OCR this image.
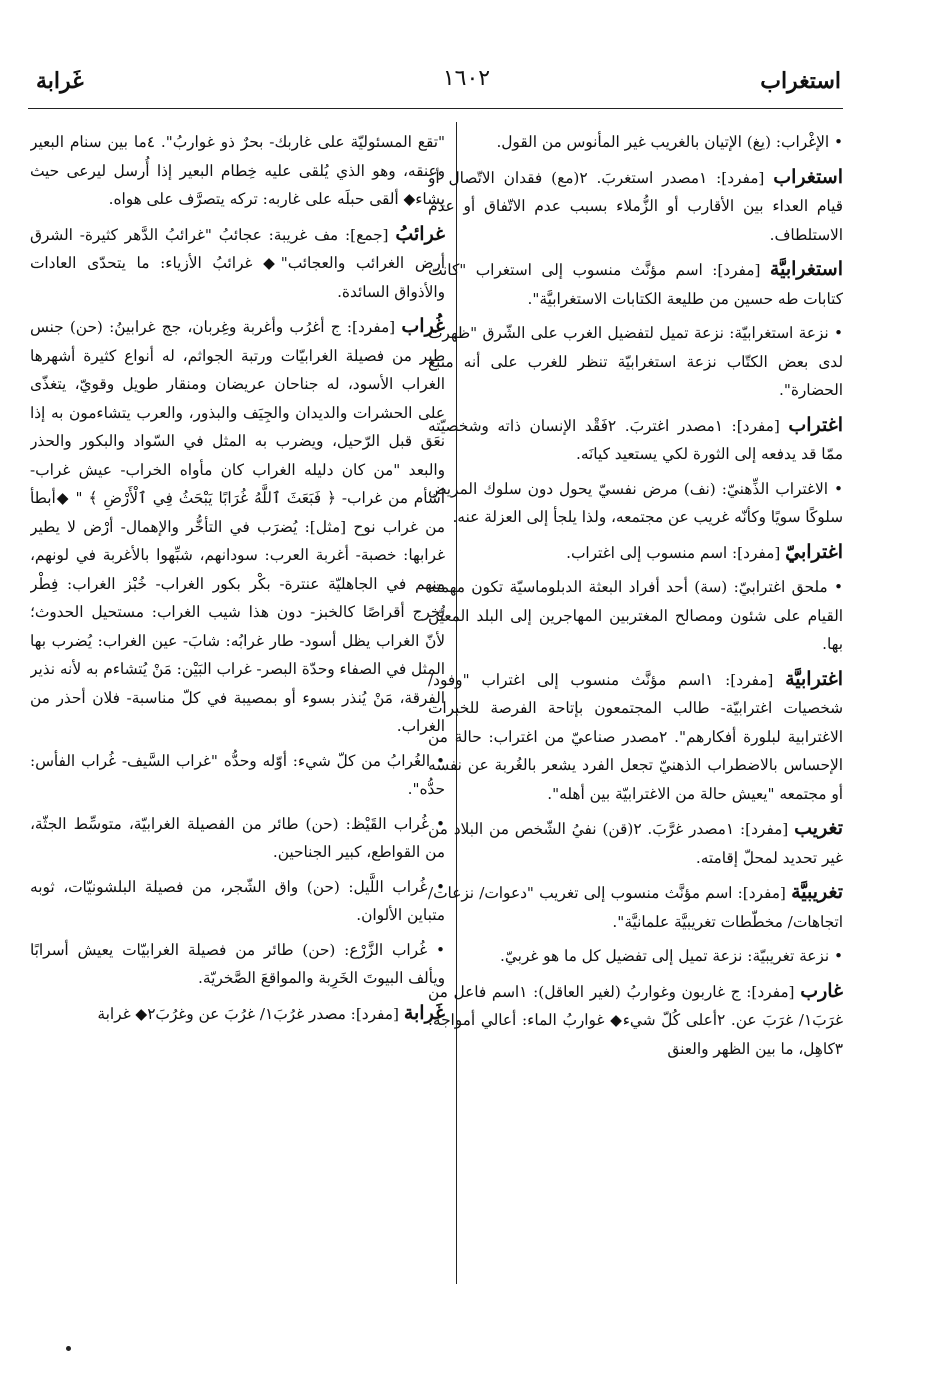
استغراب
١٦٠٢
غَرابة
• الإغْراب: (يغ) الإتيان بالغريب غير المأنوس من القول.
استغراب [مفرد]: ١مصدر استغربَ. ٢(مع) فقدان الاتّصال أو قيام العداء بين الأقارب أو الزُّملاء بسبب عدم الاتّفاق أو عدم الاستلطاف.
استغرابيَّة [مفرد]: اسم مؤنَّث منسوب إلى استغراب "كانت كتابات طه حسين من طليعة الكتابات الاستغرابيَّة".
• نزعة استغرابيّة: نزعة تميل لتفضيل الغرب على الشّرق "ظهرت لدى بعض الكتّاب نزعة استغرابيّة تنظر للغرب على أنه منبع الحضارة".
اغتراب [مفرد]: ١مصدر اغتربَ. ٢فَقْد الإنسان ذاته وشخصيّته ممّا قد يدفعه إلى الثورة لكي يستعيد كيانَه.
• الاغتراب الذِّهنيّ: (نف) مرض نفسيّ يحول دون سلوك المريض سلوكًا سويًا وكأنّه غريب عن مجتمعه، ولذا يلجأ إلى العزلة عنه.
اغترابيّ [مفرد]: اسم منسوب إلى اغتراب.
• ملحق اغترابيّ: (سة) أحد أفراد البعثة الدبلوماسيّة تكون مهمته القيام على شئون ومصالح المغتربين المهاجرين إلى البلد المعيّن بها.
اغترابيَّة [مفرد]: ١اسم مؤنَّث منسوب إلى اغتراب "وفود/ شخصيات اغترابيّة- طالب المجتمعون بإتاحة الفرصة للخبرات الاغترابية لبلورة أفكارهم". ٢مصدر صناعيّ من اغتراب: حالة من الإحساس بالاضطراب الذهنيّ تجعل الفرد يشعر بالغُربة عن نفسه أو مجتمعه "يعيش حالة من الاغترابيّة بين أهله".
تغريب [مفرد]: ١مصدر غرَّبَ. ٢(قن) نفيُ الشّخص من البلاد من غير تحديد لمحلّ إقامته.
تغريبيَّة [مفرد]: اسم مؤنَّث منسوب إلى تغريب "دعوات/ نزعات/ اتجاهات/ مخطّطات تغريبيَّة علمانيَّة".
• نزعة تغريبيّة: نزعة تميل إلى تفضيل كل ما هو غربيّ.
غارب [مفرد]: ج غاربون وغواربُ (لغير العاقل): ١اسم فاعل من غرَبَ١/ غرَبَ عن. ٢أعلى كُلّ شيء◆ غواربُ الماء: أعالي أمواجه. ٣كاهِل، ما بين الظهر والعنق
"تقع المسئوليّة على غاربك- بحرٌ ذو غواربُ". ٤ما بين سنام البعير وعنقه، وهو الذي يُلقى عليه خِطام البعير إذا أُرسل ليرعى حيث يشاء◆ ألقى حبلَه على غاربه: تركه يتصرَّف على هواه.
غرائبُ [جمع]: مف غريبة: عجائبُ "غرائبُ الدَّهر كثيرة- الشرق أرض الغرائب والعجائب"◆ غرائبُ الأزياء: ما يتحدّى العادات والأذواق السائدة.
غُراب [مفرد]: ج أغرُب وأغربة وغِربان، جج غرابينُ: (حن) جنس طير من فصيلة الغرابيّات ورتبة الجواثم، له أنواع كثيرة أشهرها الغراب الأسود، له جناحان عريضان ومنقار طويل وقويّ، يتغذّى على الحشرات والديدان والجِيَف والبذور، والعرب يتشاءمون به إذا نعَق قبل الرّحيل، ويضرب به المثل في السّواد والبكور والحذر والبعد "من كان دليله الغراب كان مأواه الخراب- عيش غراب- أشأم من غراب- ﴿ فَبَعَثَ ٱللَّهُ غُرَابًا يَبْحَثُ فِي ٱلْأَرْضِ ﴾ " ◆أبطأ من غراب نوح [مثل]: يُضرَب في التأخُّر والإهمال- أرْض لا يطير غرابها: خصبة- أغربة العرب: سودانهم، شبِّهوا بالأغربة في لونهم، منهم في الجاهليّة عنترة- بكْر بكور الغراب- خُبْز الغراب: فِطْر يُخرج أقراصًا كالخبز- دون هذا شيب الغراب: مستحيل الحدوث؛ لأنّ الغراب يظل أسود- طار غرابُه: شابَ- عين الغراب: يُضرب بها المثل في الصفاء وحدّة البصر- غراب البَيْن: مَنْ يُتشاءم به لأنه نذير الفرقة، مَنْ يُنذر بسوء أو بمصيبة في كلّ مناسبة- فلان أحذر من الغراب.
• الغُرابُ من كلّ شيء: أوّله وحدُّه "غراب السَّيف- غُراب الفأس: حدُّه".
• غُراب القَيْظ: (حن) طائر من الفصيلة الغرابيّة، متوسِّط الجثّة، من القواطع، كبير الجناحين.
• غُراب اللَّيل: (حن) واق الشّجر، من فصيلة البلشونيّات، ثوبه متباين الألوان.
• غُراب الزَّرْع: (حن) طائر من فصيلة الغرابيّات يعيش أسرابًا ويألف البيوتَ الخَرِبة والمواقعَ الصَّخريّة.
غَرابة [مفرد]: مصدر غرُبَ١/ غرُبَ عن وغرُبَ٢◆ غرابة
